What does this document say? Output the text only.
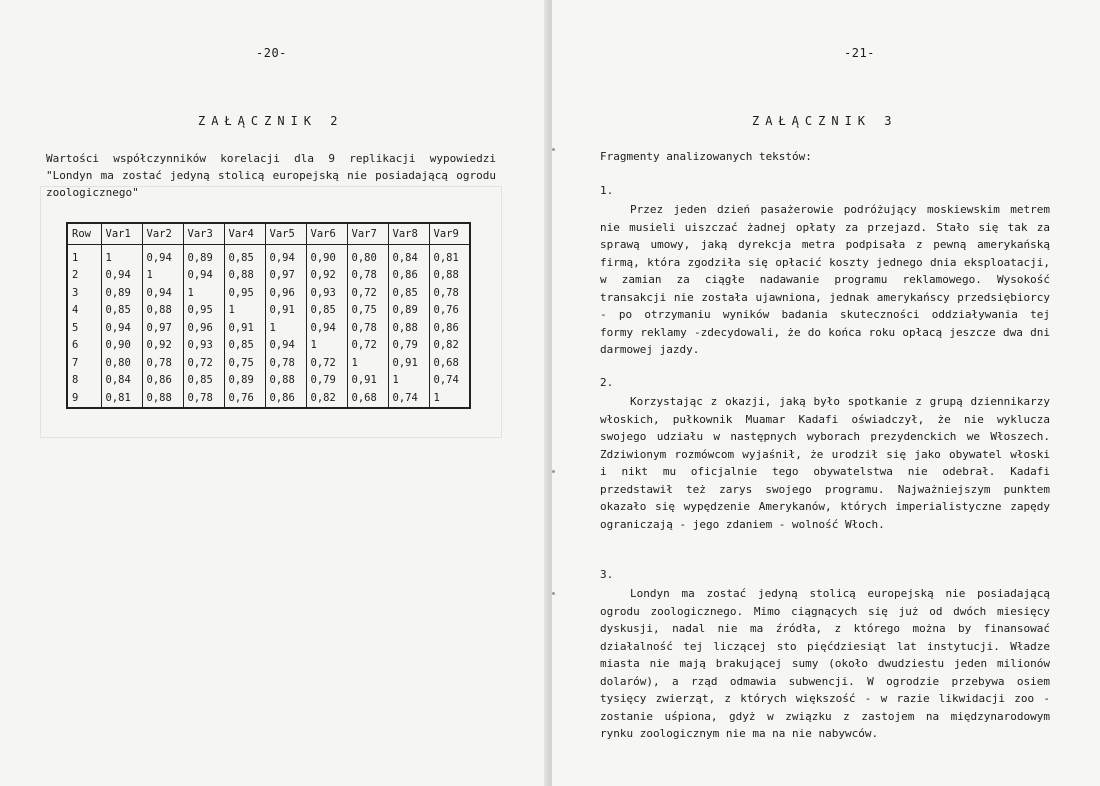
-20-
ZAŁĄCZNIK 2

Wartości współczynników korelacji dla 9 replikacji wypowiedzi "Londyn ma zostać jedyną stolicą europejską nie posiadającą ogrodu zoologicznego"

Row	Var1	Var2	Var3	Var4	Var5	Var6	Var7	Var8	Var9
1	1	0,94	0,89	0,85	0,94	0,90	0,80	0,84	0,81
2	0,94	1	0,94	0,88	0,97	0,92	0,78	0,86	0,88
3	0,89	0,94	1	0,95	0,96	0,93	0,72	0,85	0,78
4	0,85	0,88	0,95	1	0,91	0,85	0,75	0,89	0,76
5	0,94	0,97	0,96	0,91	1	0,94	0,78	0,88	0,86
6	0,90	0,92	0,93	0,85	0,94	1	0,72	0,79	0,82
7	0,80	0,78	0,72	0,75	0,78	0,72	1	0,91	0,68
8	0,84	0,86	0,85	0,89	0,88	0,79	0,91	1	0,74
9	0,81	0,88	0,78	0,76	0,86	0,82	0,68	0,74	1
-21-
ZAŁĄCZNIK 3
Fragmenty analizowanych tekstów:
1.

Przez jeden dzień pasażerowie podróżujący moskiewskim metrem nie musieli uiszczać żadnej opłaty za przejazd. Stało się tak za sprawą umowy, jaką dyrekcja metra podpisała z pewną amerykańską firmą, która zgodziła się opłacić koszty jednego dnia eksploatacji, w zamian za ciągłe nadawanie programu reklamowego. Wysokość transakcji nie została ujawniona, jednak amerykańscy przedsiębiorcy - po otrzymaniu wyników badania skuteczności oddziaływania tej formy reklamy -zdecydowali, że do końca roku opłacą jeszcze dwa dni darmowej jazdy.

2.

Korzystając z okazji, jaką było spotkanie z grupą dziennikarzy włoskich, pułkownik Muamar Kadafi oświadczył, że nie wyklucza swojego udziału w następnych wyborach prezydenckich we Włoszech. Zdziwionym rozmówcom wyjaśnił, że urodził się jako obywatel włoski i nikt mu oficjalnie tego obywatelstwa nie odebrał. Kadafi przedstawił też zarys swojego programu. Najważniejszym punktem okazało się wypędzenie Amerykanów, których imperialistyczne zapędy ograniczają - jego zdaniem - wolność Włoch.

3.

Londyn ma zostać jedyną stolicą europejską nie posiadającą ogrodu zoologicznego. Mimo ciągnących się już od dwóch miesięcy dyskusji, nadal nie ma źródła, z którego można by finansować działalność tej liczącej sto pięćdziesiąt lat instytucji. Władze miasta nie mają brakującej sumy (około dwudziestu jeden milionów dolarów), a rząd odmawia subwencji. W ogrodzie przebywa osiem tysięcy zwierząt, z których większość - w razie likwidacji zoo - zostanie uśpiona, gdyż w związku z zastojem na międzynarodowym rynku zoologicznym nie ma na nie nabywców.
